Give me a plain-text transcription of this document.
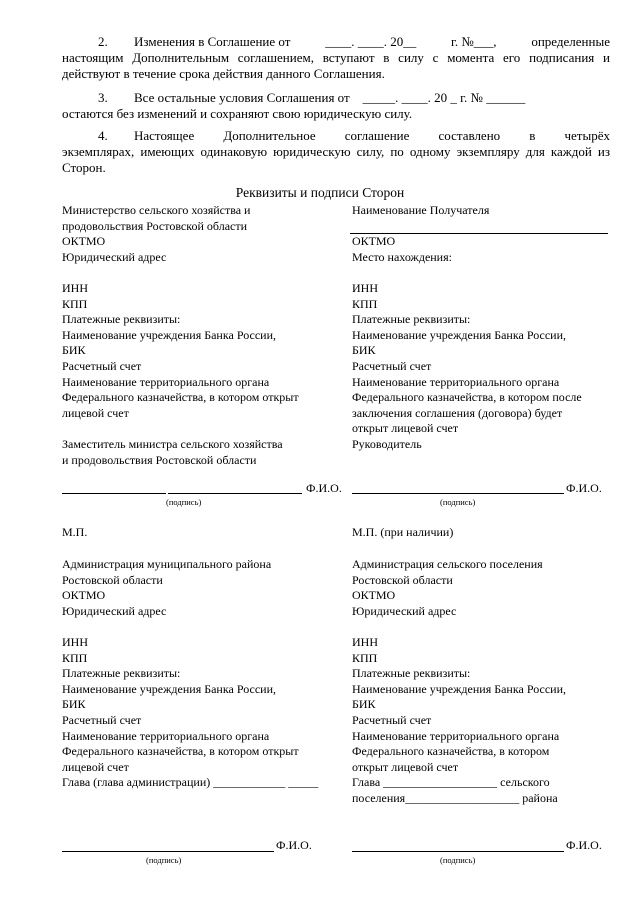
2. Изменения в Соглашение от	____. ____. 20__	г. №___,	определенные
настоящим Дополнительным соглашением, вступают в силу с момента его подписания и действуют в течение срока действия данного Соглашения.
3. Все остальные условия Соглашения от    _____. ____. 20 _ г. № ______
остаются без изменений и сохраняют свою юридическую силу.
4. Настоящее Дополнительное соглашение составлено в четырёх
экземплярах, имеющих одинаковую юридическую силу, по одному экземпляру для каждой из Сторон.
Реквизиты и подписи Сторон
Министерство сельского хозяйства и
продовольствия Ростовской области
ОКТМО
Юридический адрес
ИНН
КПП
Платежные реквизиты:
Наименование учреждения Банка России,
БИК
Расчетный счет
Наименование территориального органа
Федерального казначейства, в котором открыт
лицевой счет
Заместитель министра сельского хозяйства
и продовольствия Ростовской области
Наименование Получателя
ОКТМО
Место нахождения:
ИНН
КПП
Платежные реквизиты:
Наименование учреждения Банка России,
БИК
Расчетный счет
Наименование территориального органа
Федерального казначейства, в котором после
заключения соглашения (договора) будет
открыт лицевой счет
Руководитель
Ф.И.О.
(подпись)
Ф.И.О.
(подпись)
М.П.	М.П. (при наличии)
Администрация муниципального района
Ростовской области
ОКТМО
Юридический адрес
ИНН
КПП
Платежные реквизиты:
Наименование учреждения Банка России,
БИК
Расчетный счет
Наименование территориального органа
Федерального казначейства, в котором открыт
лицевой счет
Глава (глава администрации) ____________ _____
Администрация сельского поселения
Ростовской области
ОКТМО
Юридический адрес
ИНН
КПП
Платежные реквизиты:
Наименование учреждения Банка России,
БИК
Расчетный счет
Наименование территориального органа
Федерального казначейства, в котором
открыт лицевой счет
Глава ___________________ сельского
поселения___________________ района
Ф.И.О.
(подпись)
Ф.И.О.
(подпись)
